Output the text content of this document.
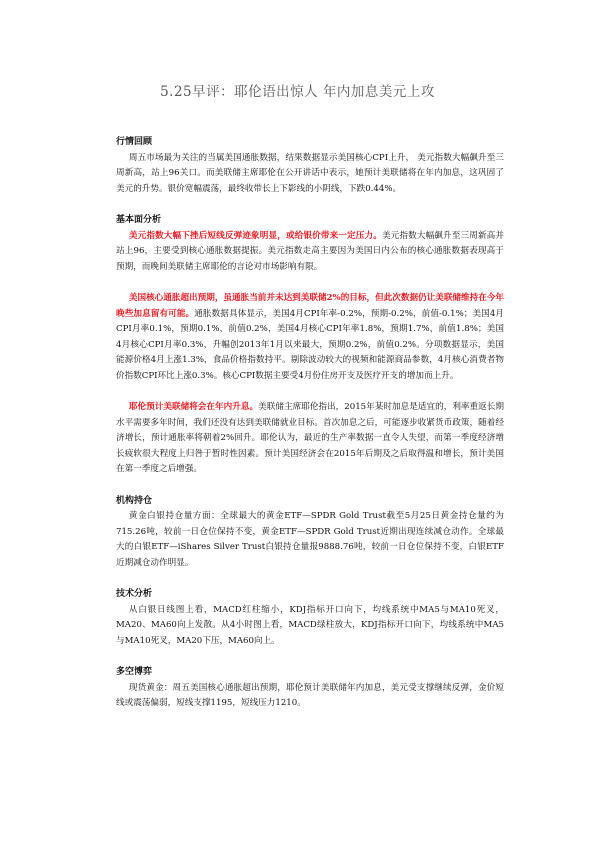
5.25早评：耶伦语出惊人 年内加息美元上攻

行情回顾

周五市场最为关注的当属美国通胀数据，结果数据显示美国核心CPI上升， 美元指数大幅飙升至三周新高，站上96关口。而美联储主席耶伦在公开讲话中表示，她预计美联储将在年内加息，这巩固了美元的升势。银价宽幅震荡，最终收带长上下影线的小阴线，下跌0.44%。

基本面分析

美元指数大幅下挫后短线反弹迹象明显，或给银价带来一定压力。美元指数大幅飙升至三周新高并站上96，主要受到核心通胀数据提振。美元指数走高主要因为美国日内公布的核心通胀数据表现高于预期，而晚间美联储主席耶伦的言论对市场影响有限。

美国核心通胀超出预期，虽通胀当前并未达到美联储2%的目标，但此次数据仍让美联储维持在今年晚些加息留有可能。通胀数据具体显示，美国4月CPI年率-0.2%，预期-0.2%，前值-0.1%；美国4月CPI月率0.1%，预期0.1%，前值0.2%，美国4月核心CPI年率1.8%，预期1.7%，前值1.8%；美国4月核心CPI月率0.3%，升幅创2013年1月以来最大，预期0.2%，前值0.2%。分项数据显示，美国能源价格4月上涨1.3%，食品价格指数持平。剔除波动较大的视频和能源商品参数，4月核心消费者物价指数CPI环比上涨0.3%。核心CPI数据主要受4月份住房开支及医疗开支的增加而上升。

耶伦预计美联储将会在年内升息。美联储主席耶伦指出，2015年某时加息是适宜的，利率重返长期水平需要多年时间，我们还没有达到美联储就业目标。首次加息之后，可能逐步收紧货币政策，随着经济增长，预计通胀率将朝着2%回升。耶伦认为，最近的生产率数据一直令人失望，而第一季度经济增长疲软很大程度上归咎于暂时性因素。预计美国经济会在2015年后期及之后取得温和增长，预计美国在第一季度之后增强。

机构持仓

黄金白银持仓量方面：全球最大的黄金ETF—SPDR Gold Trust截至5月25日黄金持仓量约为715.26吨，较前一日仓位保持不变，黄金ETF—SPDR Gold Trust近期出现连续减仓动作。全球最大的白银ETF—iShares Silver Trust白银持仓量报9888.76吨，较前一日仓位保持不变，白银ETF近期减仓动作明显。

技术分析

从白银日线图上看，MACD红柱缩小，KDJ指标开口向下，均线系统中MA5与MA10死叉，MA20、MA60向上发散。从4小时图上看，MACD绿柱放大，KDJ指标开口向下，均线系统中MA5与MA10死叉，MA20下压，MA60向上。

多空博弈

现货黄金：周五美国核心通胀超出预期，耶伦预计美联储年内加息，美元受支撑继续反弹，金价短线或震荡偏弱，短线支撑1195，短线压力1210。
